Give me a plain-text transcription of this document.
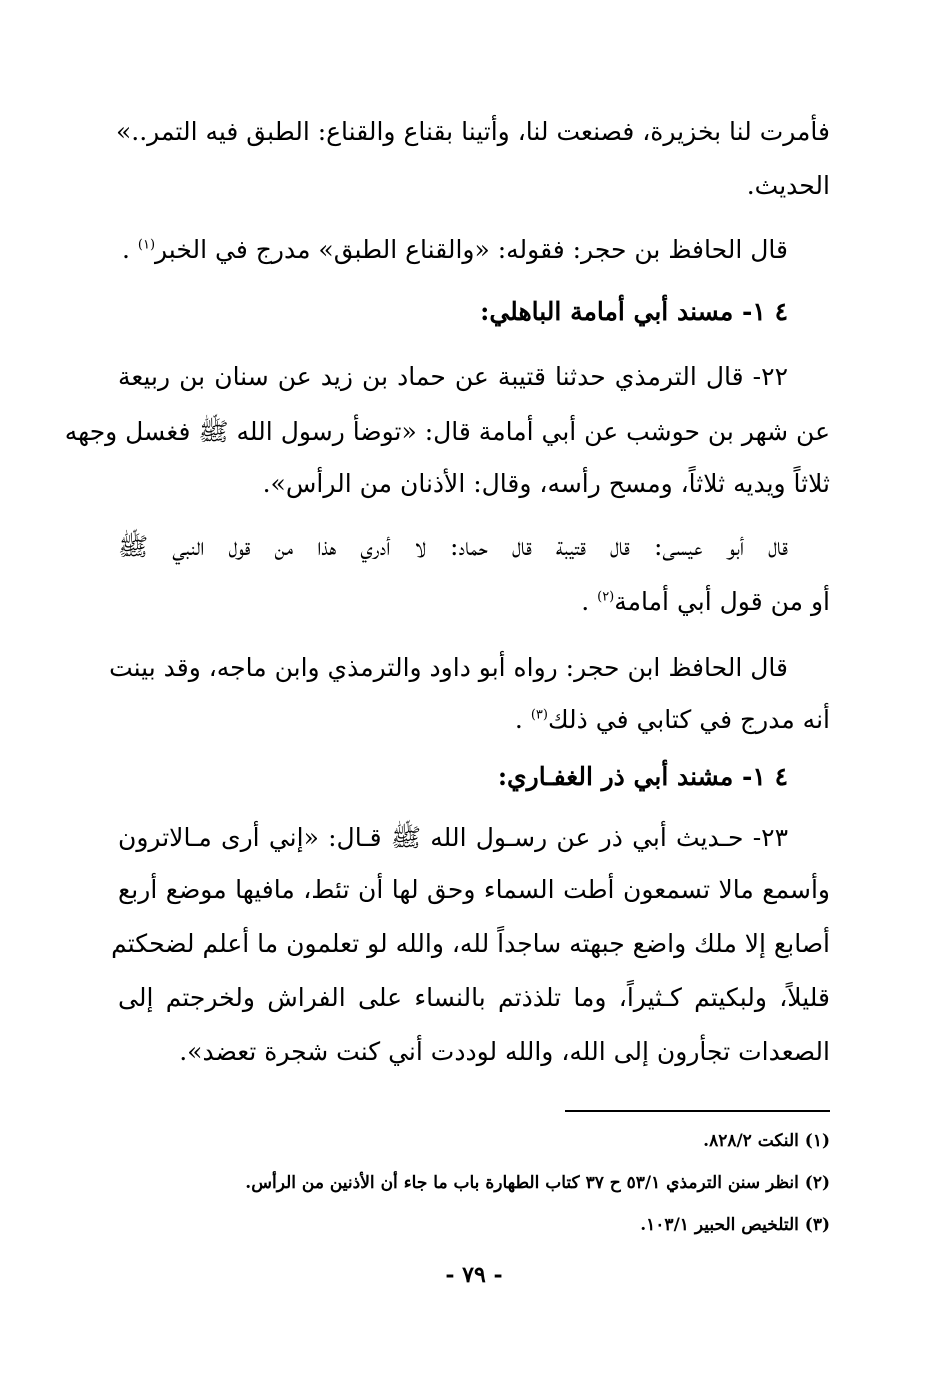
فأمرت لنا بخزيرة، فصنعت لنا، وأتينا بقناع والقناع: الطبق فيه التمر..»
الحديث.
قال الحافظ بن حجر: فقوله: «والقناع الطبق» مدرج في الخبر$^{(١)}$ .
٤ ١- مسند أبي أمامة الباهلي:
٢٢- قال الترمذي حدثنا قتيبة عن حماد بن زيد عن سنان بن ربيعة
عن شهر بن حوشب عن أبي أمامة قال: «توضأ رسول الله ﷺ فغسل وجهه
ثلاثاً ويديه ثلاثاً، ومسح رأسه، وقال: الأذنان من الرأس».
قال أبو عيسى: قال قتيبة قال حماد: لا أدري هذا من قول النبي ﷺ
أو من قول أبي أمامة$^{(٢)}$ .
قال الحافظ ابن حجر: رواه أبو داود والترمذي وابن ماجه، وقد بينت
أنه مدرج في كتابي في ذلك$^{(٣)}$ .
٤ ١- مشند أبي ذر الغفـاري:
٢٣- حـديث أبي ذر عن رسـول الله ﷺ قـال: «إني أرى مـالاترون
وأسمع مالا تسمعون أطت السماء وحق لها أن تئط، مافيها موضع أربع
أصابع إلا ملك واضع جبهته ساجداً لله، والله لو تعلمون ما أعلم لضحكتم
قليلاً، ولبكيتم كـثيراً، وما تلذذتم بالنساء على الفراش ولخرجتم إلى
الصعدات تجأرون إلى الله، والله لوددت أني كنت شجرة تعضد».
(١) النكت ٨٢٨/٢.
(٢) انظر سنن الترمذي ٥٣/١ ح ٣٧ كتاب الطهارة باب ما جاء أن الأذنين من الرأس.
(٣) التلخيص الحبير ١٠٣/١.
- ٧٩ -
